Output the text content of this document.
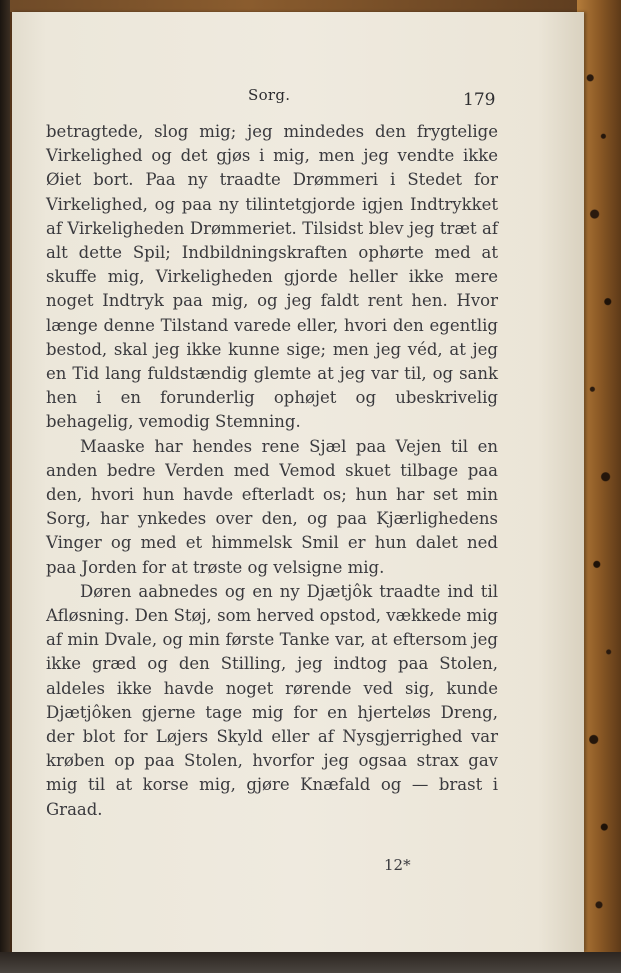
Sorg.	179

betragtede, slog mig; jeg mindedes den frygtelige Virkelighed og det gjøs i mig, men jeg vendte ikke Øiet bort. Paa ny traadte Drømmeri i Stedet for Virkelighed, og paa ny tilintetgjorde igjen Indtrykket af Virkeligheden Drømmeriet. Tilsidst blev jeg træt af alt dette Spil; Indbildningskraften ophørte med at skuffe mig, Virkeligheden gjorde heller ikke mere noget Indtryk paa mig, og jeg faldt rent hen. Hvor længe denne Tilstand varede eller, hvori den egentlig bestod, skal jeg ikke kunne sige; men jeg véd, at jeg en Tid lang fuldstændig glemte at jeg var til, og sank hen i en forunderlig ophøjet og ubeskrivelig behagelig, vemodig Stemning.

Maaske har hendes rene Sjæl paa Vejen til en anden bedre Verden med Vemod skuet tilbage paa den, hvori hun havde efterladt os; hun har set min Sorg, har ynkedes over den, og paa Kjærlighedens Vinger og med et himmelsk Smil er hun dalet ned paa Jorden for at trøste og velsigne mig.

Døren aabnedes og en ny Djætjôk traadte ind til Afløsning. Den Støj, som herved opstod, vækkede mig af min Dvale, og min første Tanke var, at eftersom jeg ikke græd og den Stilling, jeg indtog paa Stolen, aldeles ikke havde noget rørende ved sig, kunde Djætjôken gjerne tage mig for en hjerteløs Dreng, der blot for Løjers Skyld eller af Nysgjerrighed var krøben op paa Stolen, hvorfor jeg ogsaa strax gav mig til at korse mig, gjøre Knæfald og — brast i Graad.

12*
